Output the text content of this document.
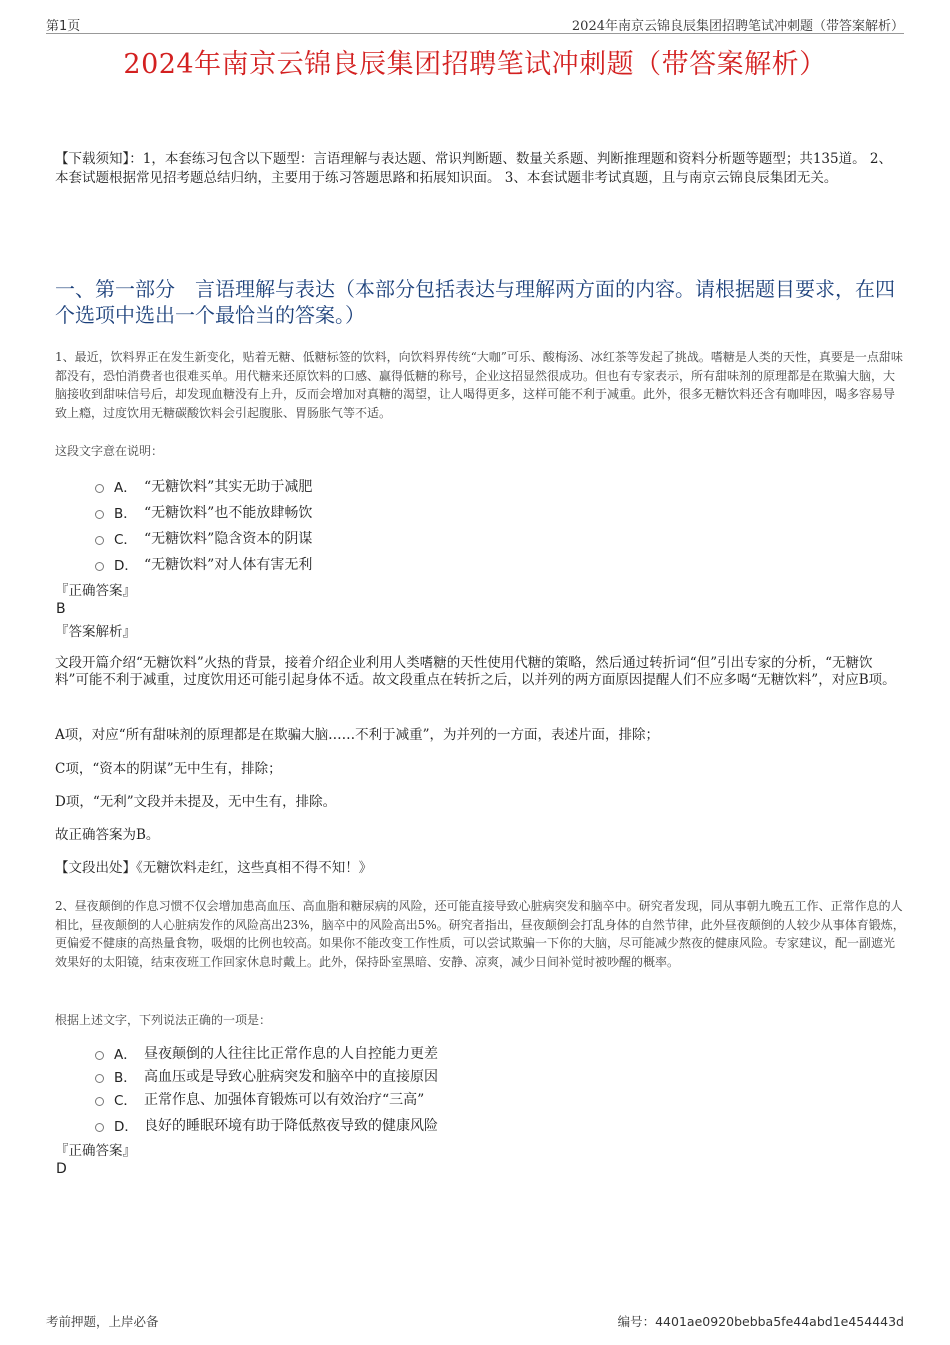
第1页	2024年南京云锦良辰集团招聘笔试冲刺题（带答案解析）
2024年南京云锦良辰集团招聘笔试冲刺题（带答案解析）
【下载须知】：1，本套练习包含以下题型：言语理解与表达题、常识判断题、数量关系题、判断推理题和资料分析题等题型；共135道。 2、本套试题根据常见招考题总结归纳，主要用于练习答题思路和拓展知识面。 3、本套试题非考试真题，且与南京云锦良辰集团无关。
一、第一部分　言语理解与表达（本部分包括表达与理解两方面的内容。请根据题目要求，在四个选项中选出一个最恰当的答案。）
1、最近，饮料界正在发生新变化，贴着无糖、低糖标签的饮料，向饮料界传统“大咖”可乐、酸梅汤、冰红茶等发起了挑战。嗜糖是人类的天性，真要是一点甜味都没有，恐怕消费者也很难买单。用代糖来还原饮料的口感、赢得低糖的称号，企业这招显然很成功。但也有专家表示，所有甜味剂的原理都是在欺骗大脑，大脑接收到甜味信号后，却发现血糖没有上升，反而会增加对真糖的渴望，让人喝得更多，这样可能不利于减重。此外，很多无糖饮料还含有咖啡因，喝多容易导致上瘾，过度饮用无糖碳酸饮料会引起腹胀、胃肠胀气等不适。
这段文字意在说明：
A． “无糖饮料”其实无助于减肥
B． “无糖饮料”也不能放肆畅饮
C． “无糖饮料”隐含资本的阴谋
D． “无糖饮料”对人体有害无利
『正确答案』
B
『答案解析』
文段开篇介绍“无糖饮料”火热的背景，接着介绍企业利用人类嗜糖的天性使用代糖的策略，然后通过转折词“但”引出专家的分析，“无糖饮料”可能不利于减重，过度饮用还可能引起身体不适。故文段重点在转折之后，以并列的两方面原因提醒人们不应多喝“无糖饮料”，对应B项。
A项，对应“所有甜味剂的原理都是在欺骗大脑……不利于减重”，为并列的一方面，表述片面，排除；
C项，“资本的阴谋”无中生有，排除；
D项，“无利”文段并未提及，无中生有，排除。
故正确答案为B。
【文段出处】《无糖饮料走红，这些真相不得不知！》
2、昼夜颠倒的作息习惯不仅会增加患高血压、高血脂和糖尿病的风险，还可能直接导致心脏病突发和脑卒中。研究者发现，同从事朝九晚五工作、正常作息的人相比，昼夜颠倒的人心脏病发作的风险高出23%，脑卒中的风险高出5%。研究者指出，昼夜颠倒会打乱身体的自然节律，此外昼夜颠倒的人较少从事体育锻炼，更偏爱不健康的高热量食物，吸烟的比例也较高。如果你不能改变工作性质，可以尝试欺骗一下你的大脑，尽可能减少熬夜的健康风险。专家建议，配一副遮光效果好的太阳镜，结束夜班工作回家休息时戴上。此外，保持卧室黑暗、安静、凉爽，减少日间补觉时被吵醒的概率。
根据上述文字，下列说法正确的一项是：
A． 昼夜颠倒的人往往比正常作息的人自控能力更差
B． 高血压或是导致心脏病突发和脑卒中的直接原因
C． 正常作息、加强体育锻炼可以有效治疗“三高”
D． 良好的睡眠环境有助于降低熬夜导致的健康风险
『正确答案』
D
考前押题，上岸必备	编号：4401ae0920bebba5fe44abd1e454443d
